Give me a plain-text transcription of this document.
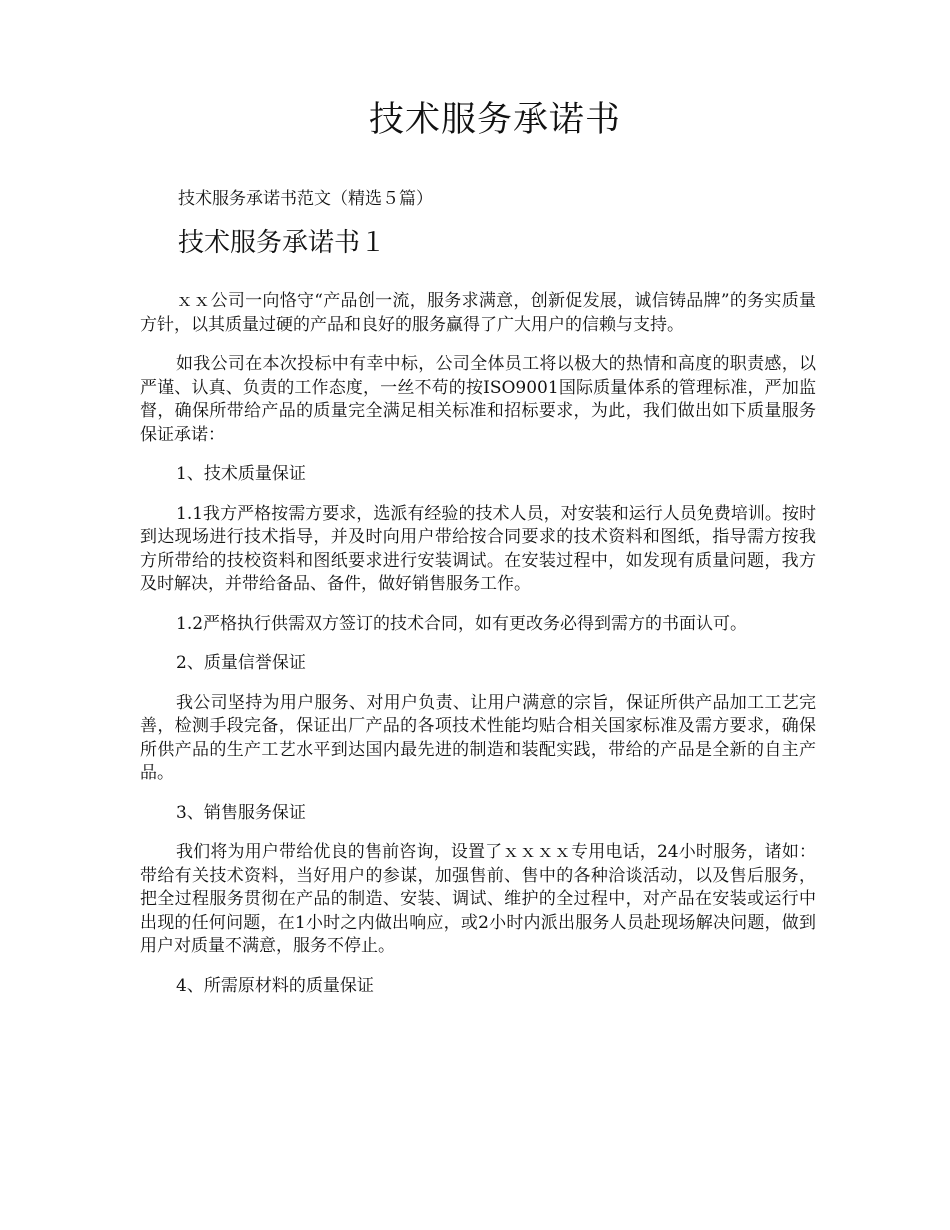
技术服务承诺书

技术服务承诺书范文（精选５篇）

技术服务承诺书１

ｘｘ公司一向恪守“产品创一流，服务求满意，创新促发展，诚信铸品牌”的务实质量方针，以其质量过硬的产品和良好的服务赢得了广大用户的信赖与支持。

如我公司在本次投标中有幸中标，公司全体员工将以极大的热情和高度的职责感，以严谨、认真、负责的工作态度，一丝不苟的按ISO9001国际质量体系的管理标准，严加监督，确保所带给产品的质量完全满足相关标准和招标要求，为此，我们做出如下质量服务保证承诺：

1、技术质量保证

1.1我方严格按需方要求，选派有经验的技术人员，对安装和运行人员免费培训。按时到达现场进行技术指导，并及时向用户带给按合同要求的技术资料和图纸，指导需方按我方所带给的技校资料和图纸要求进行安装调试。在安装过程中，如发现有质量问题，我方及时解决，并带给备品、备件，做好销售服务工作。

1.2严格执行供需双方签订的技术合同，如有更改务必得到需方的书面认可。

2、质量信誉保证

我公司坚持为用户服务、对用户负责、让用户满意的宗旨，保证所供产品加工工艺完善，检测手段完备，保证出厂产品的各项技术性能均贴合相关国家标准及需方要求，确保所供产品的生产工艺水平到达国内最先进的制造和装配实践，带给的产品是全新的自主产品。

3、销售服务保证

我们将为用户带给优良的售前咨询，设置了ｘｘｘｘ专用电话，24小时服务，诸如：带给有关技术资料，当好用户的参谋，加强售前、售中的各种洽谈活动，以及售后服务，把全过程服务贯彻在产品的制造、安装、调试、维护的全过程中，对产品在安装或运行中出现的任何问题，在1小时之内做出响应，或2小时内派出服务人员赴现场解决问题，做到用户对质量不满意，服务不停止。

4、所需原材料的质量保证
